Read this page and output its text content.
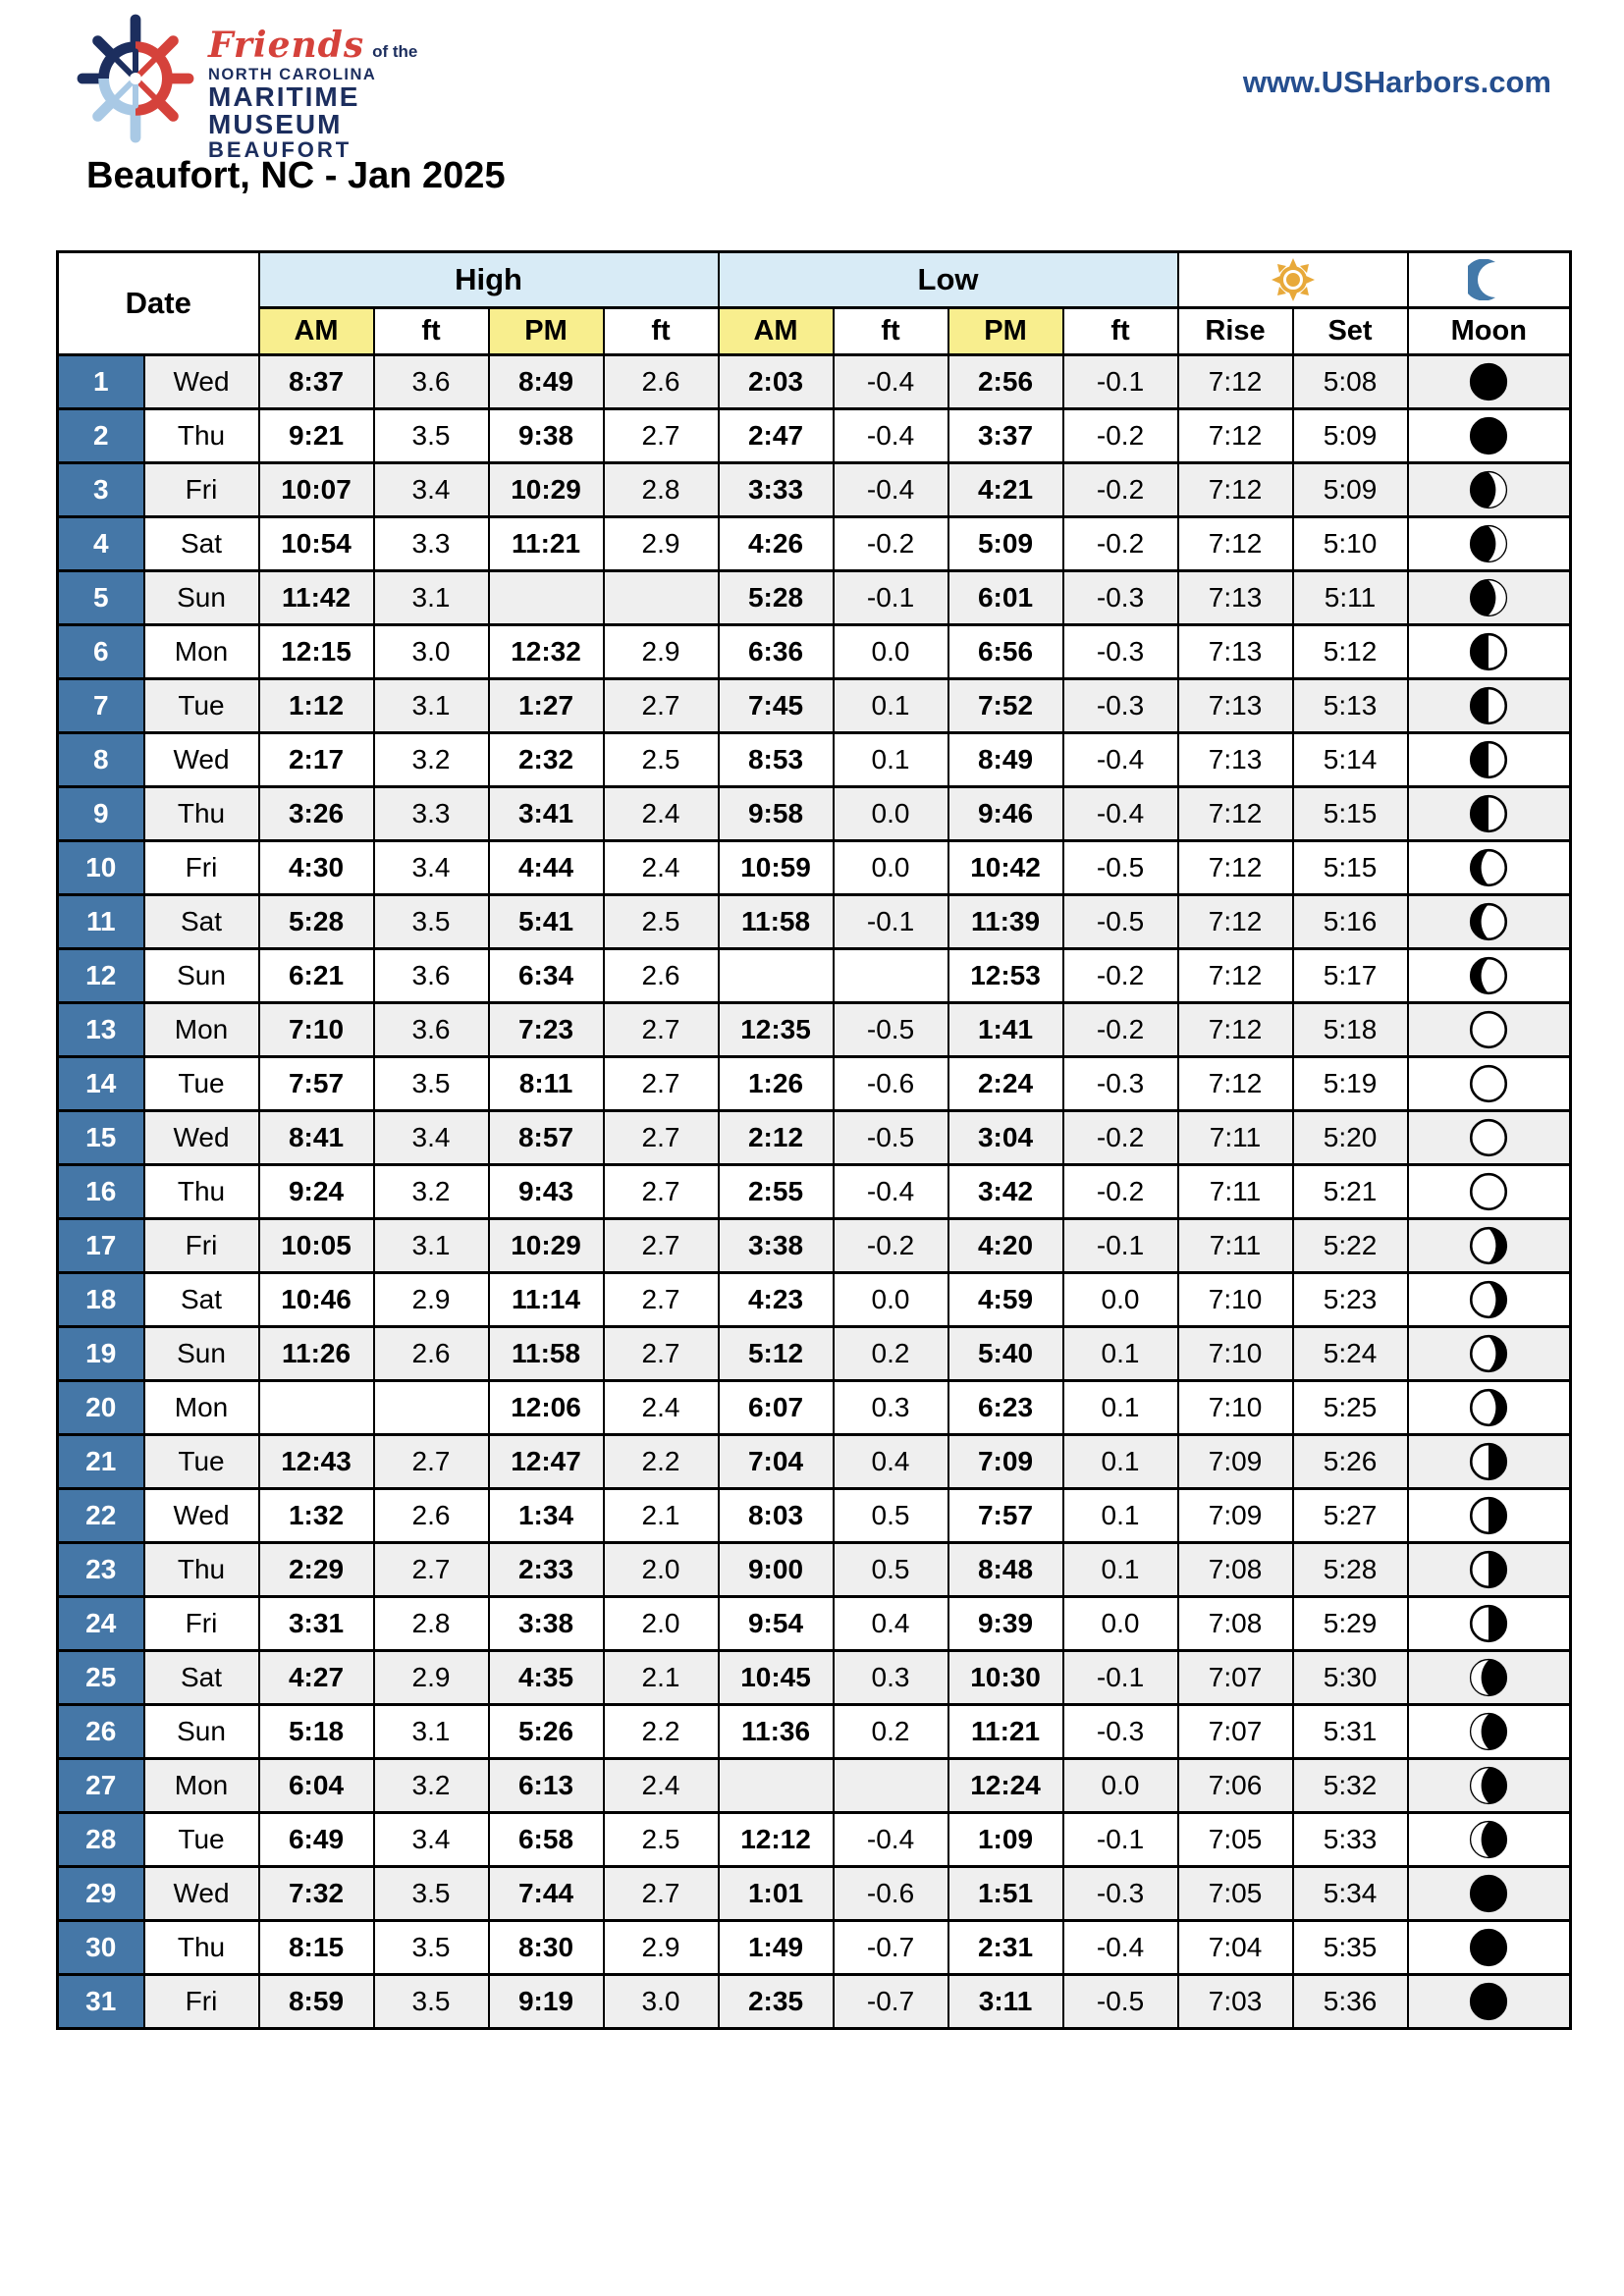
Friends of the
NORTH CAROLINA
MARITIME
MUSEUM
BEAUFORT
www.USHarbors.com
Beaufort, NC - Jan 2025
Date		High				Low	

		AM	ft	PM	ft	AM	ft	PM	ft	Rise	Set	Moon
1	Wed	8:37	3.6	8:49	2.6	2:03	-0.4	2:56	-0.1	7:12	5:08	

2	Thu	9:21	3.5	9:38	2.7	2:47	-0.4	3:37	-0.2	7:12	5:09	

3	Fri	10:07	3.4	10:29	2.8	3:33	-0.4	4:21	-0.2	7:12	5:09	

4	Sat	10:54	3.3	11:21	2.9	4:26	-0.2	5:09	-0.2	7:12	5:10	

5	Sun	11:42	3.1			5:28	-0.1	6:01	-0.3	7:13	5:11	

6	Mon	12:15	3.0	12:32	2.9	6:36	0.0	6:56	-0.3	7:13	5:12	

7	Tue	1:12	3.1	1:27	2.7	7:45	0.1	7:52	-0.3	7:13	5:13	

8	Wed	2:17	3.2	2:32	2.5	8:53	0.1	8:49	-0.4	7:13	5:14	

9	Thu	3:26	3.3	3:41	2.4	9:58	0.0	9:46	-0.4	7:12	5:15	

10	Fri	4:30	3.4	4:44	2.4	10:59	0.0	10:42	-0.5	7:12	5:15	

11	Sat	5:28	3.5	5:41	2.5	11:58	-0.1	11:39	-0.5	7:12	5:16	

12	Sun	6:21	3.6	6:34	2.6			12:53	-0.2	7:12	5:17	

13	Mon	7:10	3.6	7:23	2.7	12:35	-0.5	1:41	-0.2	7:12	5:18	

14	Tue	7:57	3.5	8:11	2.7	1:26	-0.6	2:24	-0.3	7:12	5:19	

15	Wed	8:41	3.4	8:57	2.7	2:12	-0.5	3:04	-0.2	7:11	5:20	

16	Thu	9:24	3.2	9:43	2.7	2:55	-0.4	3:42	-0.2	7:11	5:21	

17	Fri	10:05	3.1	10:29	2.7	3:38	-0.2	4:20	-0.1	7:11	5:22	

18	Sat	10:46	2.9	11:14	2.7	4:23	0.0	4:59	0.0	7:10	5:23	

19	Sun	11:26	2.6	11:58	2.7	5:12	0.2	5:40	0.1	7:10	5:24	

20	Mon			12:06	2.4	6:07	0.3	6:23	0.1	7:10	5:25	

21	Tue	12:43	2.7	12:47	2.2	7:04	0.4	7:09	0.1	7:09	5:26	

22	Wed	1:32	2.6	1:34	2.1	8:03	0.5	7:57	0.1	7:09	5:27	

23	Thu	2:29	2.7	2:33	2.0	9:00	0.5	8:48	0.1	7:08	5:28	

24	Fri	3:31	2.8	3:38	2.0	9:54	0.4	9:39	0.0	7:08	5:29	

25	Sat	4:27	2.9	4:35	2.1	10:45	0.3	10:30	-0.1	7:07	5:30	

26	Sun	5:18	3.1	5:26	2.2	11:36	0.2	11:21	-0.3	7:07	5:31	

27	Mon	6:04	3.2	6:13	2.4			12:24	0.0	7:06	5:32	

28	Tue	6:49	3.4	6:58	2.5	12:12	-0.4	1:09	-0.1	7:05	5:33	

29	Wed	7:32	3.5	7:44	2.7	1:01	-0.6	1:51	-0.3	7:05	5:34	

30	Thu	8:15	3.5	8:30	2.9	1:49	-0.7	2:31	-0.4	7:04	5:35	

31	Fri	8:59	3.5	9:19	3.0	2:35	-0.7	3:11	-0.5	7:03	5:36	
